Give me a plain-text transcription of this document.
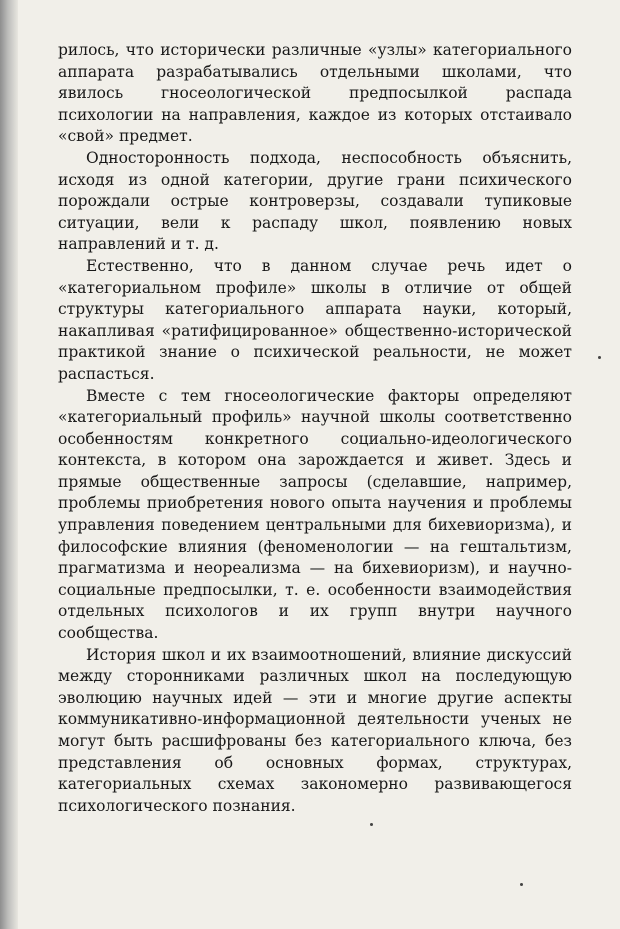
рилось, что исторически различные «узлы» категориального аппарата разрабатывались отдельными школами, что явилось гносеологической предпосылкой распада психологии на направления, каждое из которых отстаивало «свой» предмет.

Односторонность подхода, неспособность объяснить, исходя из одной категории, другие грани психического порождали острые контроверзы, создавали тупиковые ситуации, вели к распаду школ, появлению новых направлений и т. д.

Естественно, что в данном случае речь идет о «категориальном профиле» школы в отличие от общей структуры категориального аппарата науки, который, накапливая «ратифицированное» общественно-исторической практикой знание о психической реальности, не может распасться.

Вместе с тем гносеологические факторы определяют «категориальный профиль» научной школы соответственно особенностям конкретного социально-идеологического контекста, в котором она зарождается и живет. Здесь и прямые общественные запросы (сделавшие, например, проблемы приобретения нового опыта научения и проблемы управления поведением центральными для бихевиоризма), и философские влияния (феноменологии — на гештальтизм, прагматизма и неореализма — на бихевиоризм), и научно-социальные предпосылки, т. е. особенности взаимодействия отдельных психологов и их групп внутри научного сообщества.

История школ и их взаимоотношений, влияние дискуссий между сторонниками различных школ на последующую эволюцию научных идей — эти и многие другие аспекты коммуникативно-информационной деятельности ученых не могут быть расшифрованы без категориального ключа, без представления об основных формах, структурах, категориальных схемах закономерно развивающегося психологического познания.
